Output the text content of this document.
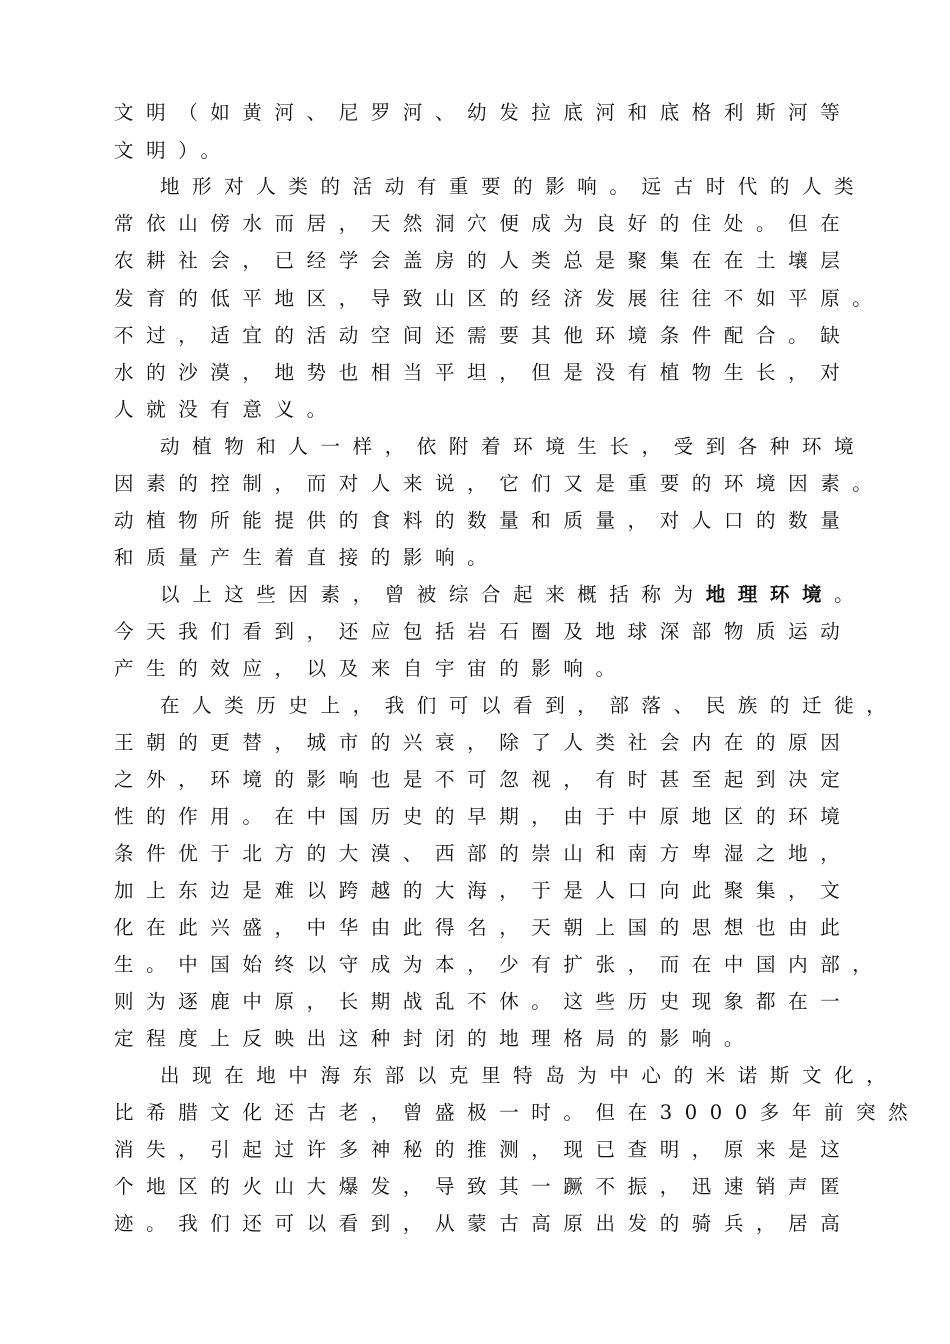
文明（如黄河、尼罗河、幼发拉底河和底格利斯河等
文明）。
地形对人类的活动有重要的影响。远古时代的人类
常依山傍水而居，天然洞穴便成为良好的住处。但在
农耕社会，已经学会盖房的人类总是聚集在在土壤层
发育的低平地区，导致山区的经济发展往往不如平原。
不过，适宜的活动空间还需要其他环境条件配合。缺
水的沙漠，地势也相当平坦，但是没有植物生长，对
人就没有意义。
动植物和人一样，依附着环境生长，受到各种环境
因素的控制，而对人来说，它们又是重要的环境因素。
动植物所能提供的食料的数量和质量，对人口的数量
和质量产生着直接的影响。
以上这些因素，曾被综合起来概括称为地理环境。
今天我们看到，还应包括岩石圈及地球深部物质运动
产生的效应，以及来自宇宙的影响。
在人类历史上，我们可以看到，部落、民族的迁徙，
王朝的更替，城市的兴衰，除了人类社会内在的原因
之外，环境的影响也是不可忽视，有时甚至起到决定
性的作用。在中国历史的早期，由于中原地区的环境
条件优于北方的大漠、西部的崇山和南方卑湿之地，
加上东边是难以跨越的大海，于是人口向此聚集，文
化在此兴盛，中华由此得名，天朝上国的思想也由此
生。中国始终以守成为本，少有扩张，而在中国内部，
则为逐鹿中原，长期战乱不休。这些历史现象都在一
定程度上反映出这种封闭的地理格局的影响。
出现在地中海东部以克里特岛为中心的米诺斯文化，
比希腊文化还古老，曾盛极一时。但在3000多年前突然
消失，引起过许多神秘的推测，现已查明，原来是这
个地区的火山大爆发，导致其一蹶不振，迅速销声匿
迹。我们还可以看到，从蒙古高原出发的骑兵，居高
